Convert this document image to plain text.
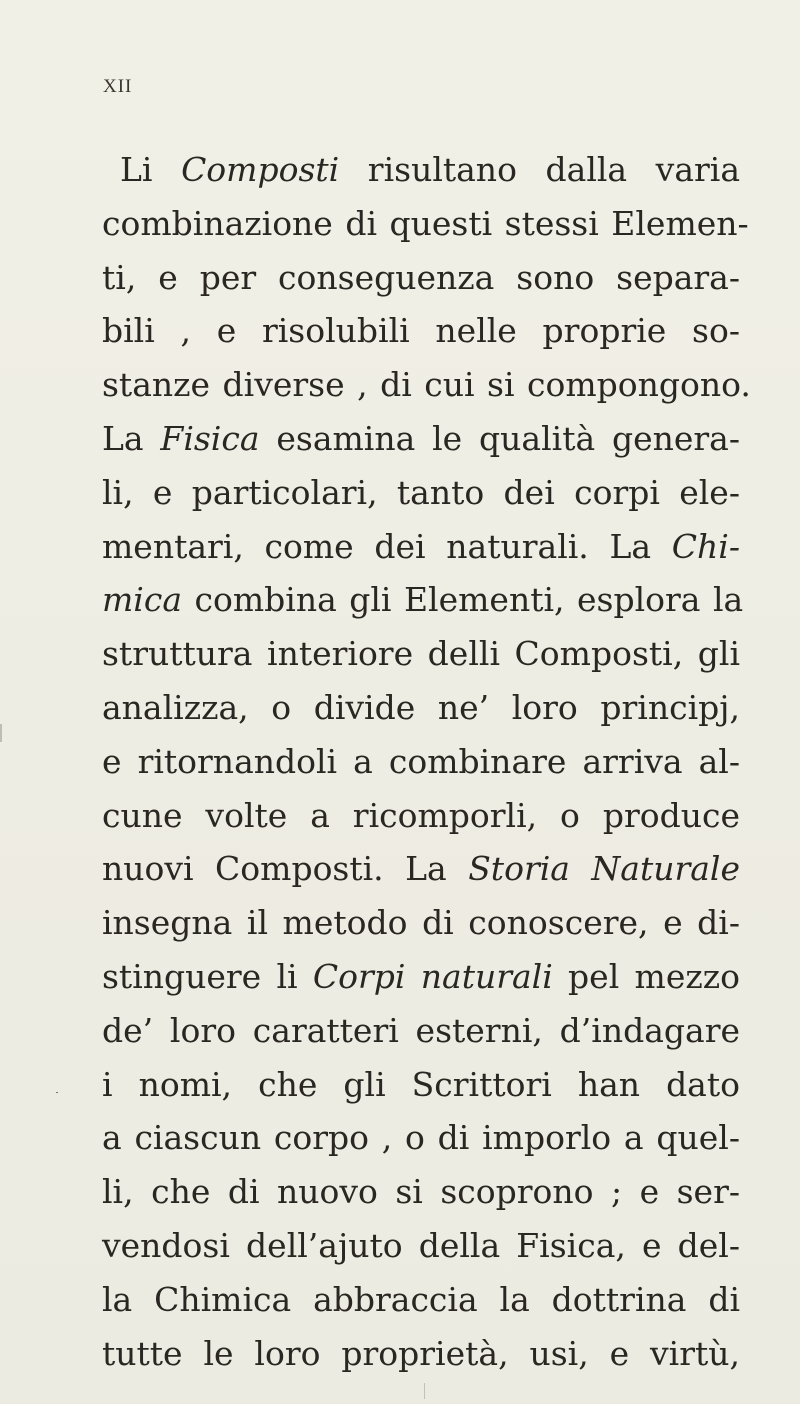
XII
Li Composti risultano dalla varia
combinazione di questi stessi Elemen-
ti, e per conseguenza sono separa-
bili , e risolubili nelle proprie so-
stanze diverse , di cui si compongono.
La Fisica esamina le qualità genera-
li, e particolari, tanto dei corpi ele-
mentari, come dei naturali. La Chi-
mica combina gli Elementi, esplora la
struttura interiore delli Composti, gli
analizza, o divide ne’ loro principj,
e ritornandoli a combinare arriva al-
cune volte a ricomporli, o produce
nuovi Composti. La Storia Naturale
insegna il metodo di conoscere, e di-
stinguere li Corpi naturali pel mezzo
de’ loro caratteri esterni, d’indagare
i nomi, che gli Scrittori han dato
a ciascun corpo , o di imporlo a quel-
li, che di nuovo si scoprono ; e ser-
vendosi dell’ajuto della Fisica, e del-
la Chimica abbraccia la dottrina di
tutte le loro proprietà, usi, e virtù,
